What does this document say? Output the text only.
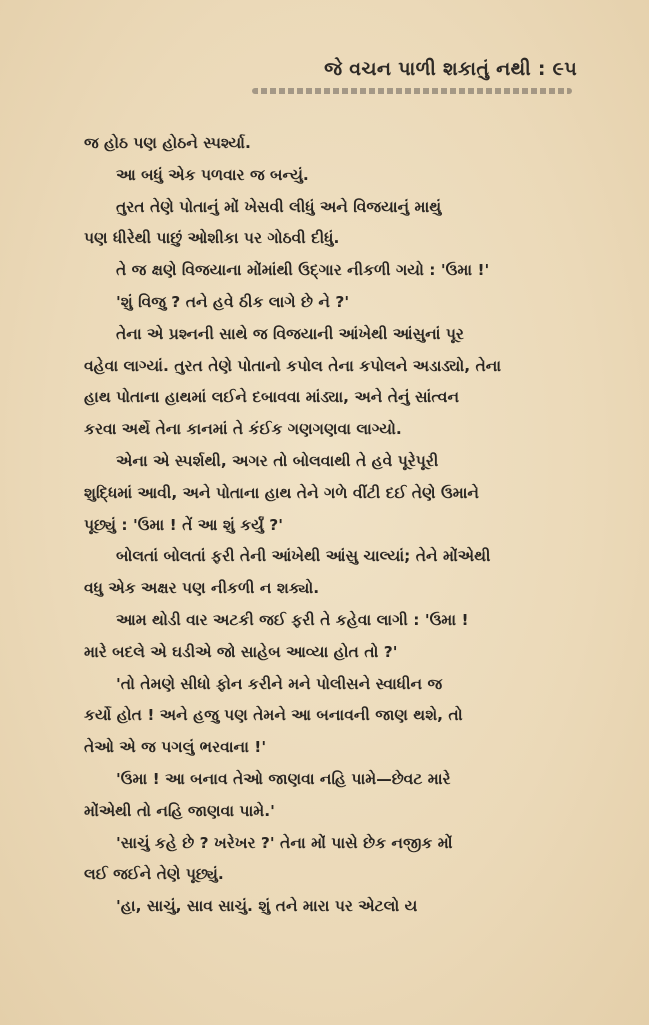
જે વચન પાળી શકાતું નથી : ૯૫
જ હોઠ પણ હોઠને સ્પર્શ્યા.
આ બધું એક પળવાર જ બન્યું.
તુરત તેણે પોતાનું મોં ખેસવી લીધું અને વિજયાનું માથું
પણ ધીરેથી પાછું ઓશીકા પર ગોઠવી દીધું.
તે જ ક્ષણે વિજયાના મોંમાંથી ઉદ્ગાર નીકળી ગયો : 'ઉમા !'
'શું વિજુ ? તને હવે ઠીક લાગે છે ને ?'
તેના એ પ્રશ્નની સાથે જ વિજયાની આંખેથી આંસુનાં પૂર
વહેવા લાગ્યાં. તુરત તેણે પોતાનો કપોલ તેના કપોલને અડાડ્યો, તેના
હાથ પોતાના હાથમાં લઈને દબાવવા માંડ્યા, અને તેનું સાંત્વન
કરવા અર્થે તેના કાનમાં તે કંઈક ગણગણવા લાગ્યો.
એના એ સ્પર્શથી, અગર તો બોલવાથી તે હવે પૂરેપૂરી
શુદ્ધિમાં આવી, અને પોતાના હાથ તેને ગળે વીંટી દઈ તેણે ઉમાને
પૂછ્યું : 'ઉમા ! તેં આ શું કર્યું ?'
બોલતાં બોલતાં ફરી તેની આંખેથી આંસુ ચાલ્યાં; તેને મોંએથી
વધુ એક અક્ષર પણ નીકળી ન શક્યો.
આમ થોડી વાર અટકી જઈ ફરી તે કહેવા લાગી : 'ઉમા !
મારે બદલે એ ઘડીએ જો સાહેબ આવ્યા હોત તો ?'
'તો તેમણે સીધો ફોન કરીને મને પોલીસને સ્વાધીન જ
કર્યો હોત ! અને હજુ પણ તેમને આ બનાવની જાણ થશે, તો
તેઓ એ જ પગલું ભરવાના !'
'ઉમા ! આ બનાવ તેઓ જાણવા નહિ પામે—છેવટ મારે
મોંએથી તો નહિ જાણવા પામે.'
'સાચું કહે છે ? ખરેખર ?' તેના મોં પાસે છેક નજીક મોં
લઈ જઈને તેણે પૂછ્યું.
'હા, સાચું, સાવ સાચું. શું તને મારા પર એટલો ય
